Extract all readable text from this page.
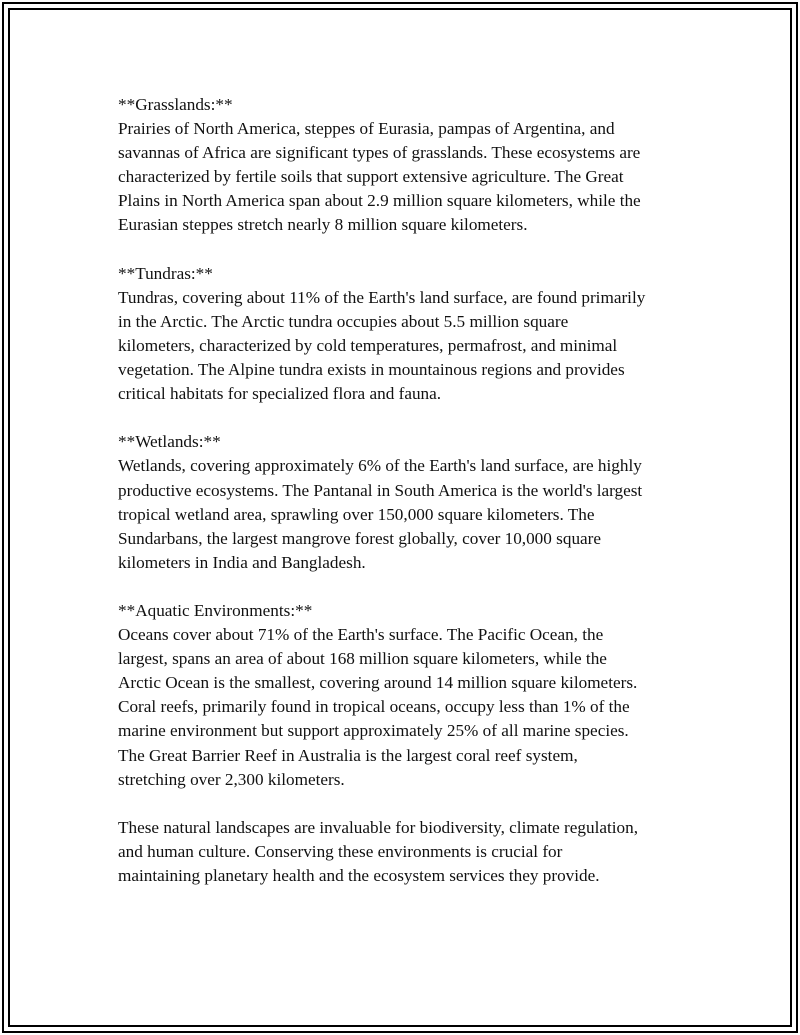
**Grasslands:**
Prairies of North America, steppes of Eurasia, pampas of Argentina, and
savannas of Africa are significant types of grasslands. These ecosystems are
characterized by fertile soils that support extensive agriculture. The Great
Plains in North America span about 2.9 million square kilometers, while the
Eurasian steppes stretch nearly 8 million square kilometers.
**Tundras:**
Tundras, covering about 11% of the Earth's land surface, are found primarily
in the Arctic. The Arctic tundra occupies about 5.5 million square
kilometers, characterized by cold temperatures, permafrost, and minimal
vegetation. The Alpine tundra exists in mountainous regions and provides
critical habitats for specialized flora and fauna.
**Wetlands:**
Wetlands, covering approximately 6% of the Earth's land surface, are highly
productive ecosystems. The Pantanal in South America is the world's largest
tropical wetland area, sprawling over 150,000 square kilometers. The
Sundarbans, the largest mangrove forest globally, cover 10,000 square
kilometers in India and Bangladesh.
**Aquatic Environments:**
Oceans cover about 71% of the Earth's surface. The Pacific Ocean, the
largest, spans an area of about 168 million square kilometers, while the
Arctic Ocean is the smallest, covering around 14 million square kilometers.
Coral reefs, primarily found in tropical oceans, occupy less than 1% of the
marine environment but support approximately 25% of all marine species.
The Great Barrier Reef in Australia is the largest coral reef system,
stretching over 2,300 kilometers.
These natural landscapes are invaluable for biodiversity, climate regulation,
and human culture. Conserving these environments is crucial for
maintaining planetary health and the ecosystem services they provide.
